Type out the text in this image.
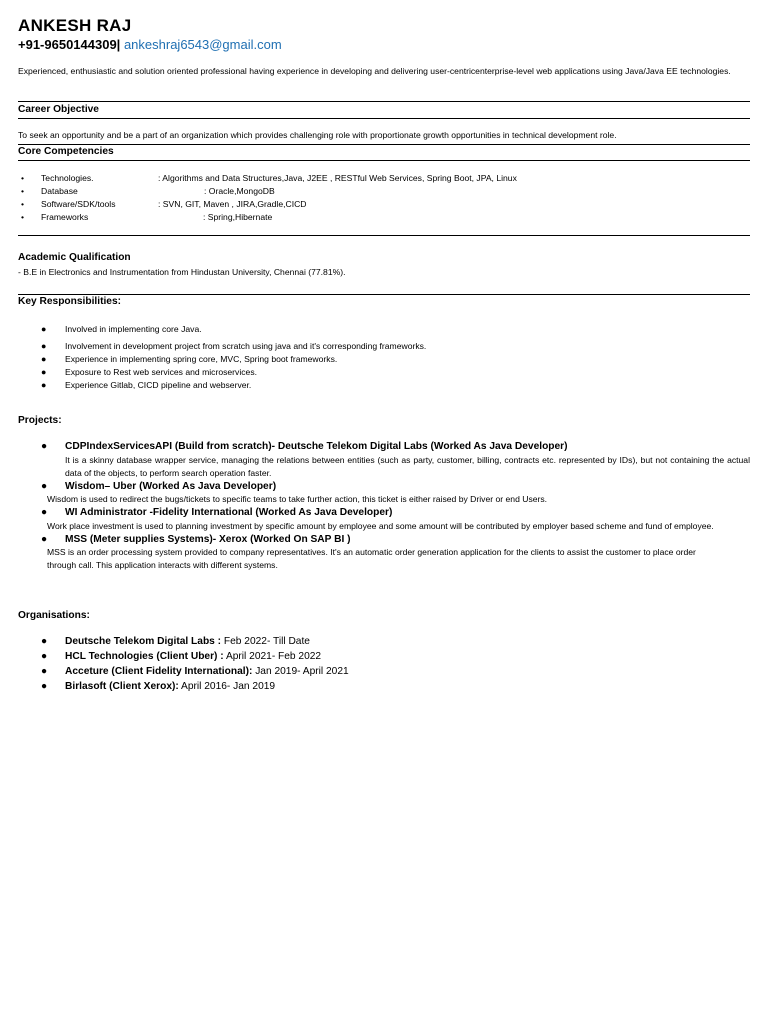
ANKESH RAJ
+91-9650144309| ankeshraj6543@gmail.com
Experienced, enthusiastic and solution oriented professional having experience in developing and delivering user-centricenterprise-level web applications using Java/Java EE technologies.
Career Objective
To seek an opportunity and be a part of an organization which provides challenging role with proportionate growth opportunities in technical development role.
Core Competencies
• Technologies.	: Algorithms and Data Structures,Java, J2EE , RESTful Web Services, Spring Boot, JPA, Linux
• Database	: Oracle,MongoDB
• Software/SDK/tools	: SVN, GIT, Maven , JIRA,Gradle,CICD
• Frameworks	: Spring,Hibernate
Academic Qualification
- B.E in Electronics and Instrumentation from Hindustan University, Chennai (77.81%).
Key Responsibilities:
● Involved in implementing core Java.
● Involvement in development project from scratch using java and it's corresponding frameworks.
● Experience in implementing spring core, MVC, Spring boot frameworks.
● Exposure to Rest web services and microservices.
● Experience Gitlab, CICD pipeline and webserver.
Projects:
● CDPIndexServicesAPI (Build from scratch)- Deutsche Telekom Digital Labs (Worked As Java Developer)
It is a skinny database wrapper service, managing the relations between entities (such as party, customer, billing, contracts etc. represented by IDs), but not containing the actual data of the objects, to perform search operation faster.
● Wisdom– Uber (Worked As Java Developer)
Wisdom is used to redirect the bugs/tickets to specific teams to take further action, this ticket is either raised by Driver or end Users.
● WI Administrator -Fidelity International (Worked As Java Developer)
Work place investment is used to planning investment by specific amount by employee and some amount will be contributed by employer based scheme and fund of employee.
● MSS (Meter supplies Systems)- Xerox (Worked On SAP BI )
MSS is an order processing system provided to company representatives. It's an automatic order generation application for the clients to assist the customer to place order through call. This application interacts with different systems.
Organisations:
● Deutsche Telekom Digital Labs : Feb 2022- Till Date
● HCL Technologies (Client Uber) : April 2021- Feb 2022
● Acceture (Client Fidelity International): Jan 2019- April 2021
● Birlasoft (Client Xerox): April 2016- Jan 2019
